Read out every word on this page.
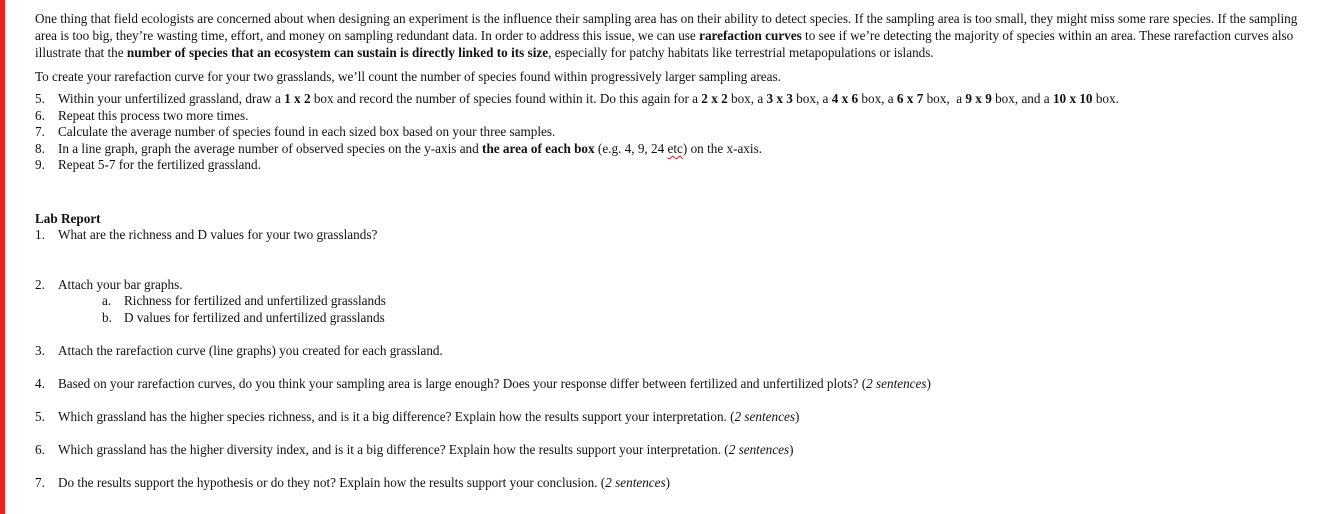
One thing that field ecologists are concerned about when designing an experiment is the influence their sampling area has on their ability to detect species. If the sampling area is too small, they might miss some rare species. If the sampling area is too big, they’re wasting time, effort, and money on sampling redundant data. In order to address this issue, we can use rarefaction curves to see if we’re detecting the majority of species within an area. These rarefaction curves also illustrate that the number of species that an ecosystem can sustain is directly linked to its size, especially for patchy habitats like terrestrial metapopulations or islands.

To create your rarefaction curve for your two grasslands, we’ll count the number of species found within progressively larger sampling areas.

5. Within your unfertilized grassland, draw a 1 x 2 box and record the number of species found within it. Do this again for a 2 x 2 box, a 3 x 3 box, a 4 x 6 box, a 6 x 7 box,  a 9 x 9 box, and a 10 x 10 box.
6. Repeat this process two more times.
7. Calculate the average number of species found in each sized box based on your three samples.
8. In a line graph, graph the average number of observed species on the y-axis and the area of each box (e.g. 4, 9, 24 etc) on the x-axis.
9. Repeat 5-7 for the fertilized grassland.
Lab Report
1. What are the richness and D values for your two grasslands?
2. Attach your bar graphs.
a. Richness for fertilized and unfertilized grasslands
b. D values for fertilized and unfertilized grasslands
3. Attach the rarefaction curve (line graphs) you created for each grassland.
4. Based on your rarefaction curves, do you think your sampling area is large enough? Does your response differ between fertilized and unfertilized plots? (2 sentences)
5. Which grassland has the higher species richness, and is it a big difference? Explain how the results support your interpretation. (2 sentences)
6. Which grassland has the higher diversity index, and is it a big difference? Explain how the results support your interpretation. (2 sentences)
7. Do the results support the hypothesis or do they not? Explain how the results support your conclusion. (2 sentences)
